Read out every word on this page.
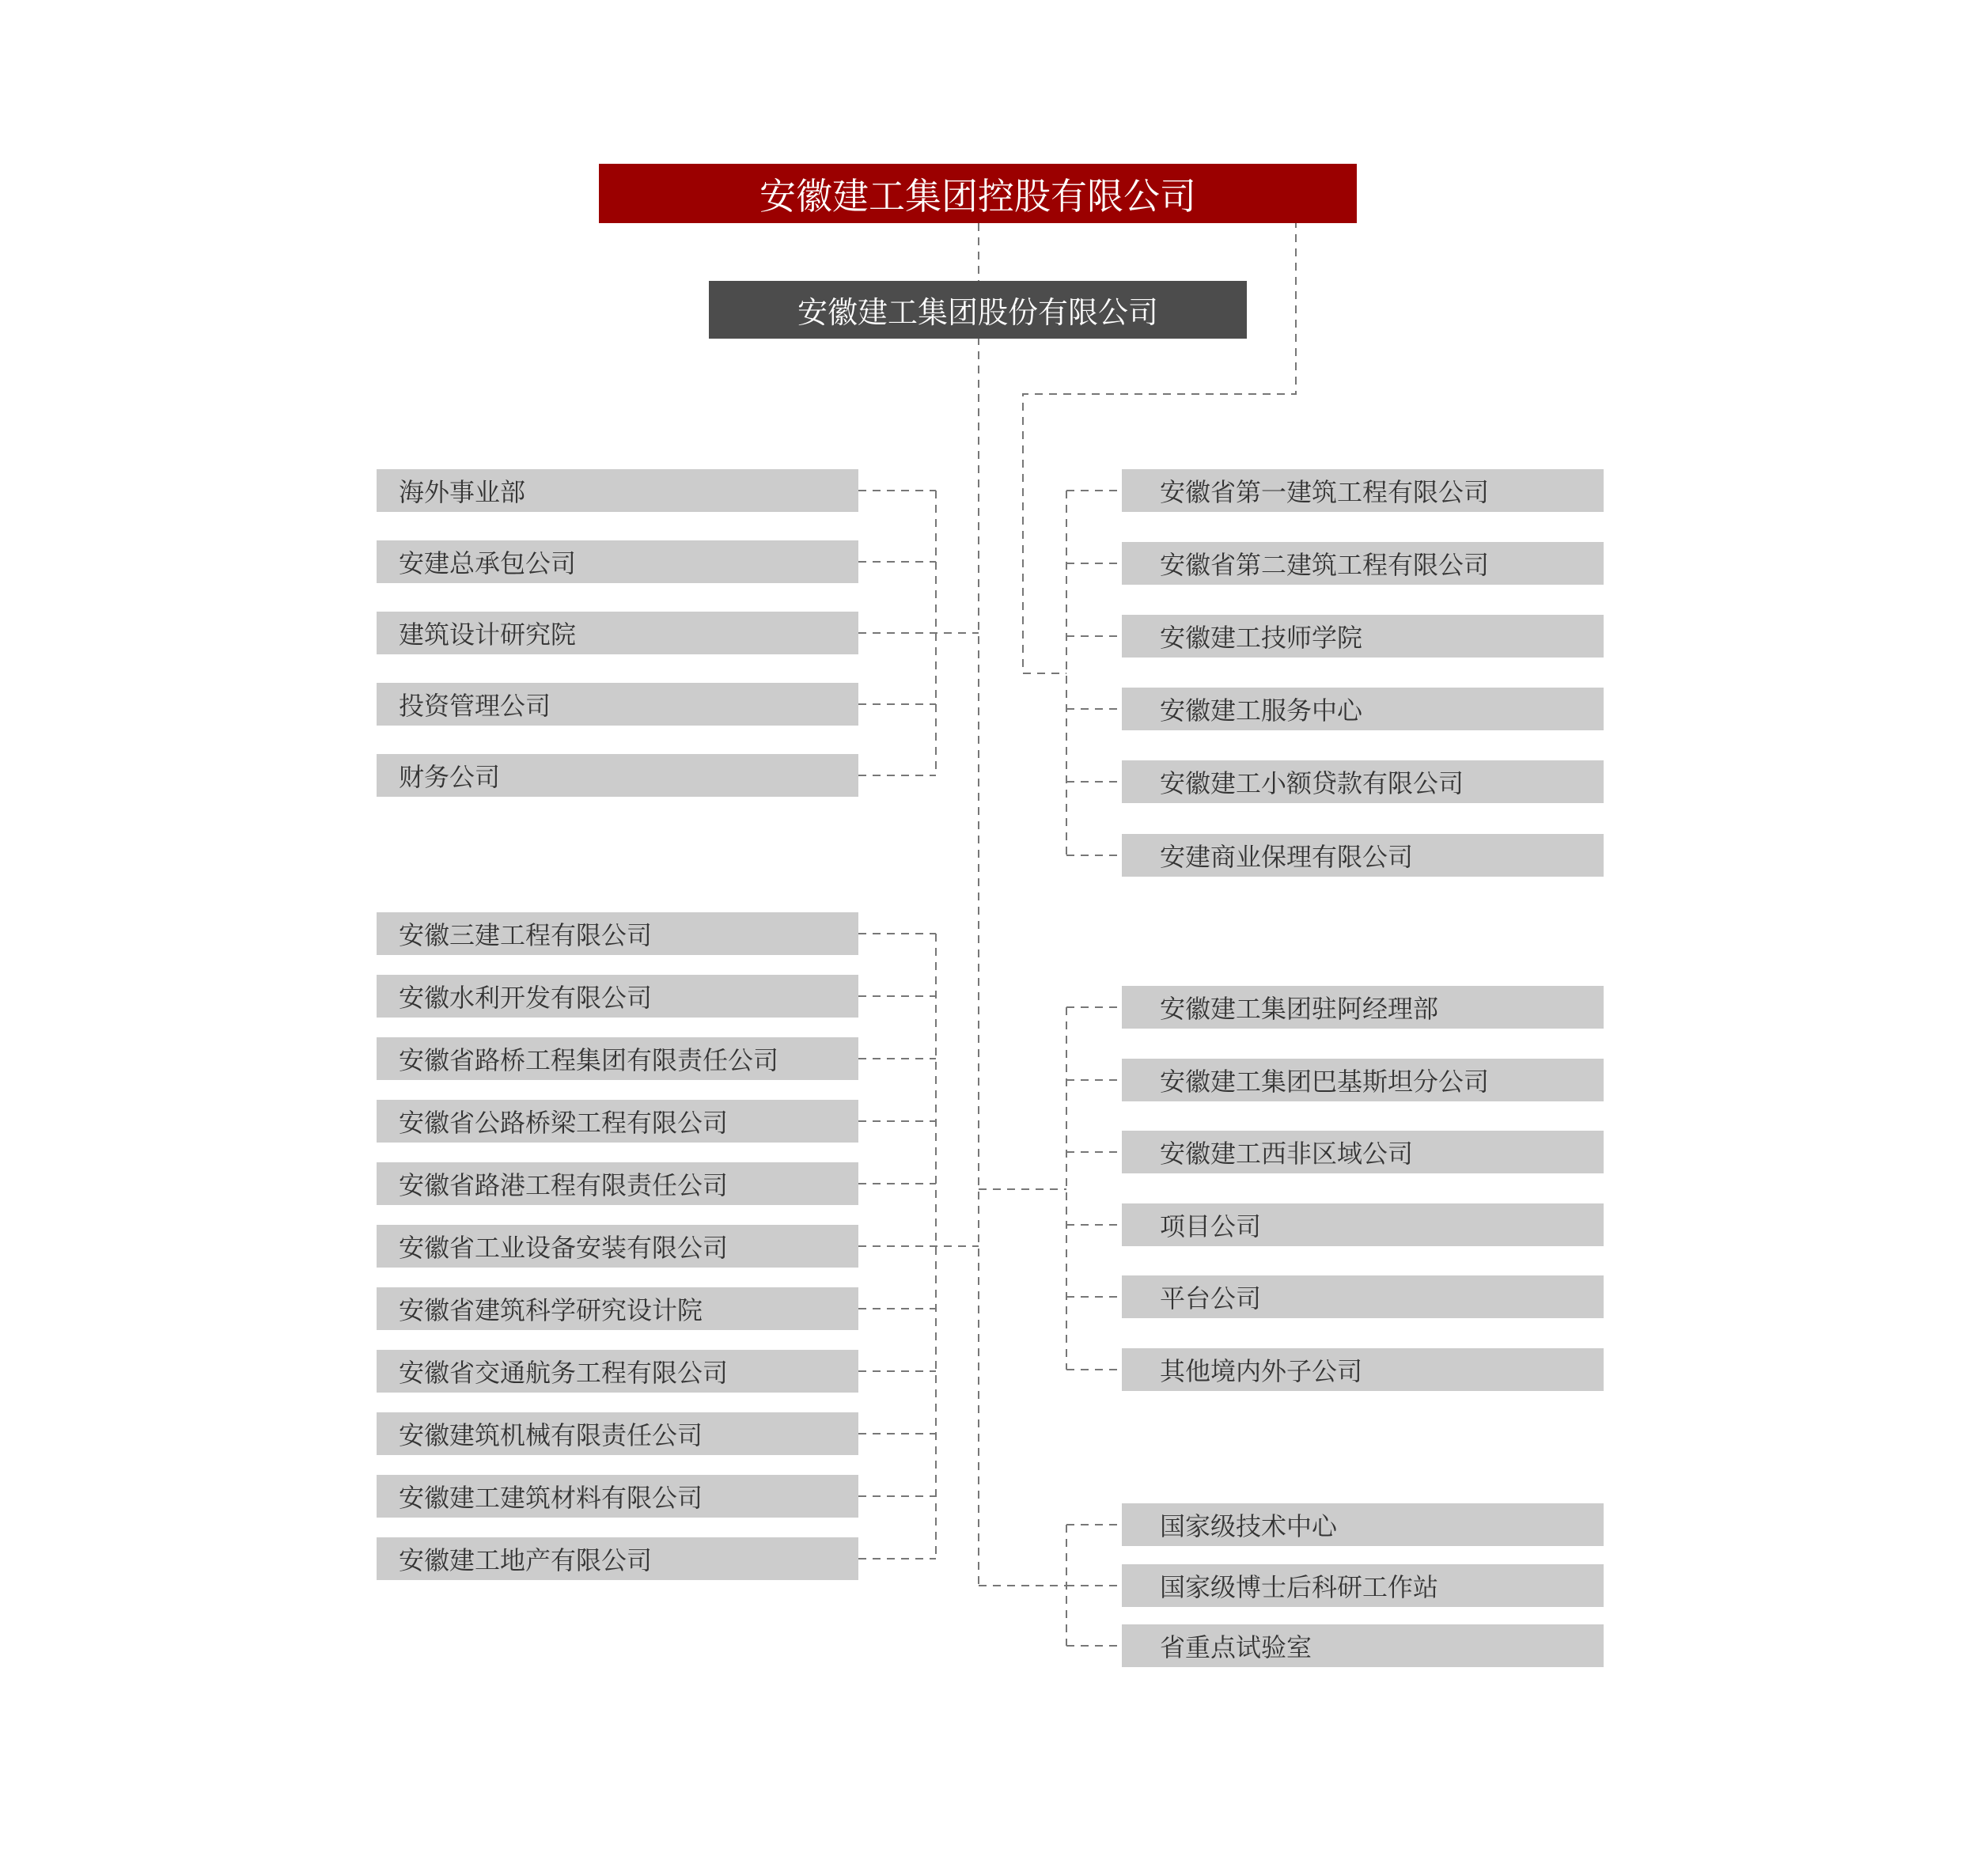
安徽建工集团控股有限公司
安徽建工集团股份有限公司
海外事业部
安建总承包公司
建筑设计研究院
投资管理公司
财务公司
安徽三建工程有限公司
安徽水利开发有限公司
安徽省路桥工程集团有限责任公司
安徽省公路桥梁工程有限公司
安徽省路港工程有限责任公司
安徽省工业设备安装有限公司
安徽省建筑科学研究设计院
安徽省交通航务工程有限公司
安徽建筑机械有限责任公司
安徽建工建筑材料有限公司
安徽建工地产有限公司
安徽省第一建筑工程有限公司
安徽省第二建筑工程有限公司
安徽建工技师学院
安徽建工服务中心
安徽建工小额贷款有限公司
安建商业保理有限公司
安徽建工集团驻阿经理部
安徽建工集团巴基斯坦分公司
安徽建工西非区域公司
项目公司
平台公司
其他境内外子公司
国家级技术中心
国家级博士后科研工作站
省重点试验室
